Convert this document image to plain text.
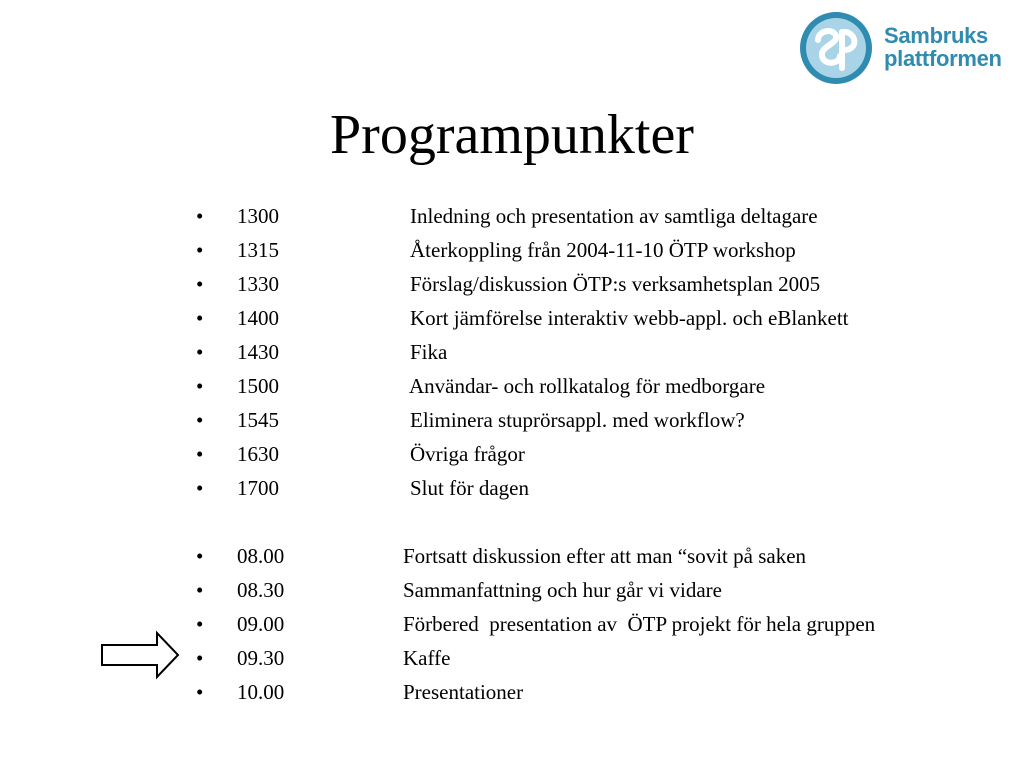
Sambruks
plattformen
Programpunkter
• 1300	Inledning och presentation av samtliga deltagare
• 1315	Återkoppling från 2004-11-10 ÖTP workshop
• 1330	Förslag/diskussion ÖTP:s verksamhetsplan 2005
• 1400	Kort jämförelse interaktiv webb-appl. och eBlankett
• 1430	Fika
• 1500	Användar- och rollkatalog för medborgare
• 1545	Eliminera stuprörsappl. med workflow?
• 1630	Övriga frågor
• 1700	Slut för dagen
• 08.00	Fortsatt diskussion efter att man “sovit på saken
• 08.30	Sammanfattning och hur går vi vidare
• 09.00	Förbered  presentation av  ÖTP projekt för hela gruppen
• 09.30	Kaffe
• 10.00	Presentationer
